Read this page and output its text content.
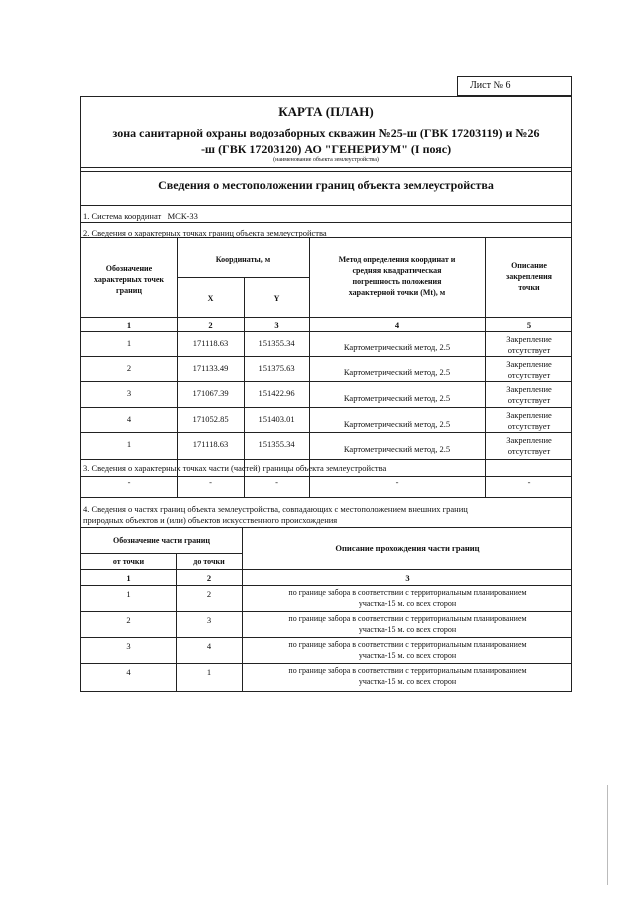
Лист № 6
КАРТА (ПЛАН)
зона санитарной охраны водозаборных скважин №25-ш (ГВК 17203119) и №26
-ш (ГВК 17203120) АО "ГЕНЕРИУМ" (I пояс)
(наименование объекта землеустройства)
Сведения о местоположении границ объекта землеустройства
1. Система координат МСК-33
2. Сведения о характерных точках границ объекта землеустройства
Обозначение
характерных точек
границ
Координаты, м
X	Y
Метод определения координат и
средняя квадратическая
погрешность положения
характерной точки (Mt), м
Описание
закрепления
точки
1	2	3	4	5
1	171118.63	151355.34	Картометрический метод, 2.5
Закрепление
отсутствует
2	171133.49	151375.63	Картометрический метод, 2.5
Закрепление
отсутствует
3	171067.39	151422.96	Картометрический метод, 2.5
Закрепление
отсутствует
4	171052.85	151403.01	Картометрический метод, 2.5
Закрепление
отсутствует
1	171118.63	151355.34	Картометрический метод, 2.5
Закрепление
отсутствует
3. Сведения о характерных точках части (частей) границы объекта землеустройства
-	-	-	-	-
4. Сведения о частях границ объекта землеустройства, совпадающих с местоположением внешних границ
природных объектов и (или) объектов искусственного происхождения
Обозначение части границ
Описание прохождения части границ
от точки	до точки
1	2	3
1	2	по границе забора в соответствии с территориальным планированием
участка-15 м. со всех сторон
2	3	по границе забора в соответствии с территориальным планированием
участка-15 м. со всех сторон
3	4	по границе забора в соответствии с территориальным планированием
участка-15 м. со всех сторон
4	1	по границе забора в соответствии с территориальным планированием
участка-15 м. со всех сторон
